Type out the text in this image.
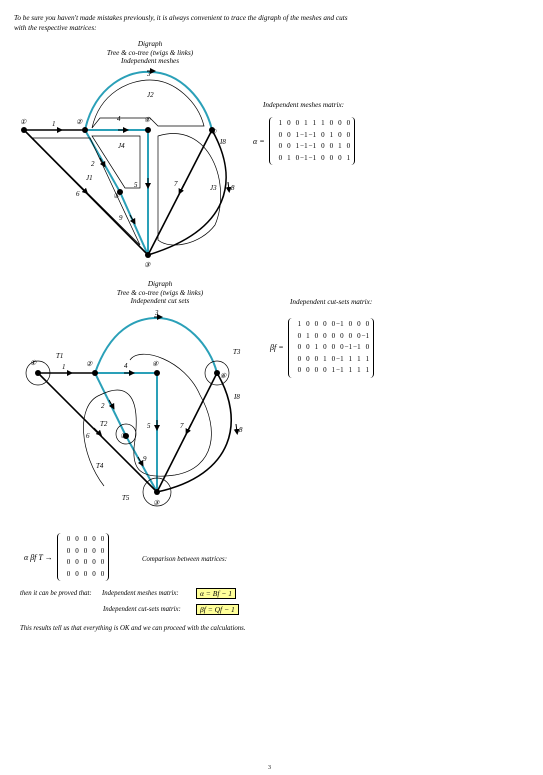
To be sure you haven't made mistakes previously, it is always convenient to trace the digraph of the meshes and cuts with the respective matrices:
Digraph
Tree & co-tree (twigs & links)
Independent meshes
①	②	④
⑥
⑤
③
1
2
3
4
5
6
7	8
9
J1
J2
J3
J4	I8
①	②	④
⑥
⑤
③
1
2
3
4
5
6
7	8
9
T1
T2
T3
T4
T5
I8
Independent meshes matrix:
α =
1 0 0 1 1 1 0 0 0
0 0 1 −1 −1 0 1 0 0
0 0 1 −1 −1 0 0 1 0
0 1 0 −1 −1 0 0 0 1
Digraph
Tree & co-tree (twigs & links)
Independent cut sets	Independent cut-sets matrix:
βf =
1 0 0 0 0 −1 0 0 0
0 1 0 0 0 0 0 0 −1
0 0 1 0 0 0 −1 −1 0
0 0 0 1 0 −1 1 1 1
0 0 0 0 1 −1 1 1 1
α βf T →
0 0 0 0 0
0 0 0 0 0
0 0 0 0 0
0 0 0 0 0
Comparison between matrices:
then it can be proved that: Independent meshes matrix:	α = Bf − 1
Independent cut-sets matrix:	βf = Qf − 1
This results tell us that everything is OK and we can proceed with the calculations.
3
